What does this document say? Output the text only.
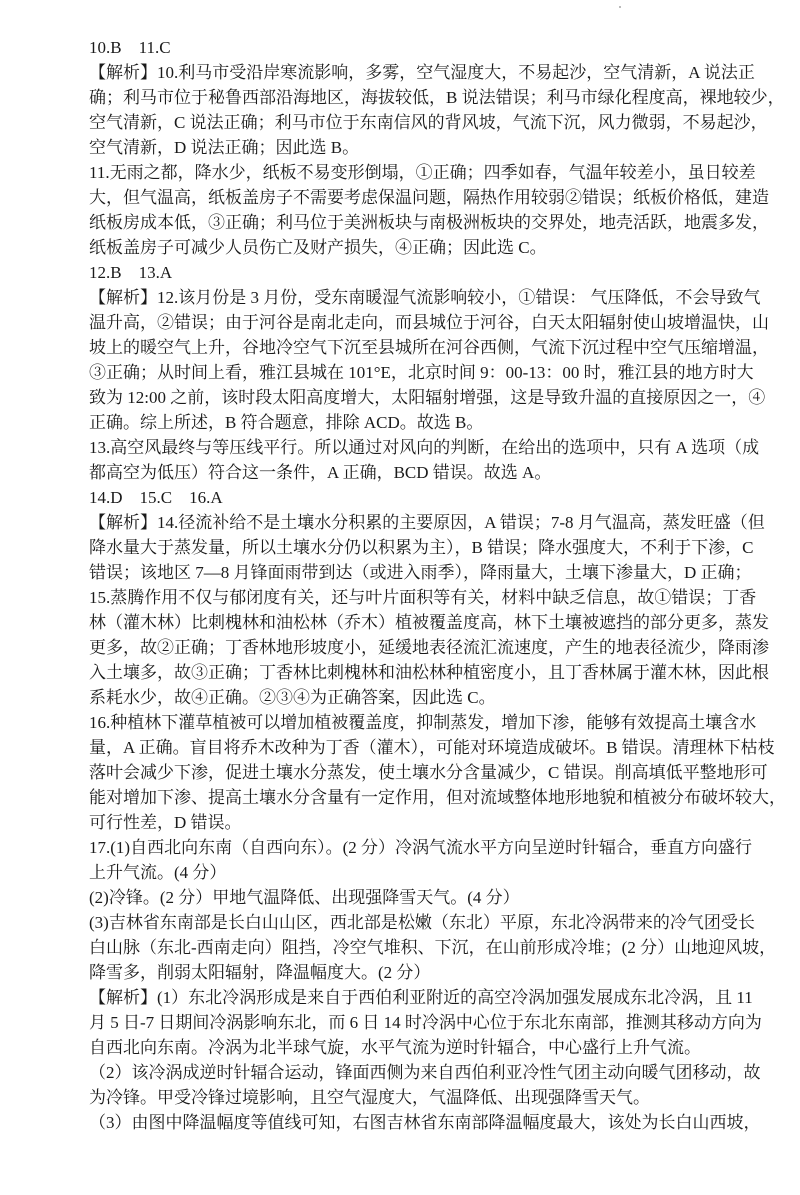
10.B　11.C
【解析】10.利马市受沿岸寒流影响，多雾，空气湿度大，不易起沙，空气清新，A 说法正
确；利马市位于秘鲁西部沿海地区，海拔较低，B 说法错误；利马市绿化程度高，裸地较少，
空气清新，C 说法正确；利马市位于东南信风的背风坡，气流下沉，风力微弱，不易起沙，
空气清新，D 说法正确；因此选 B。
11.无雨之都，降水少，纸板不易变形倒塌，①正确；四季如春，气温年较差小，虽日较差
大，但气温高，纸板盖房子不需要考虑保温问题，隔热作用较弱②错误；纸板价格低，建造
纸板房成本低，③正确；利马位于美洲板块与南极洲板块的交界处，地壳活跃，地震多发，
纸板盖房子可减少人员伤亡及财产损失，④正确；因此选 C。
12.B　13.A
【解析】12.该月份是 3 月份，受东南暖湿气流影响较小，①错误： 气压降低，不会导致气
温升高，②错误；由于河谷是南北走向，而县城位于河谷，白天太阳辐射使山坡增温快，山
坡上的暖空气上升，谷地冷空气下沉至县城所在河谷西侧，气流下沉过程中空气压缩增温，
③正确；从时间上看，雅江县城在 101°E，北京时间 9：00-13：00 时，雅江县的地方时大
致为 12:00 之前，该时段太阳高度增大，太阳辐射增强，这是导致升温的直接原因之一，④
正确。综上所述，B 符合题意，排除 ACD。故选 B。
13.高空风最终与等压线平行。所以通过对风向的判断，在给出的选项中，只有 A 选项（成
都高空为低压）符合这一条件，A 正确，BCD 错误。故选 A。
14.D　15.C　16.A
【解析】14.径流补给不是土壤水分积累的主要原因，A 错误；7-8 月气温高，蒸发旺盛（但
降水量大于蒸发量，所以土壤水分仍以积累为主），B 错误；降水强度大，不利于下渗，C
错误；该地区 7—8 月锋面雨带到达（或进入雨季），降雨量大，土壤下渗量大，D 正确；
15.蒸腾作用不仅与郁闭度有关，还与叶片面积等有关，材料中缺乏信息，故①错误；丁香
林（灌木林）比刺槐林和油松林（乔木）植被覆盖度高，林下土壤被遮挡的部分更多，蒸发
更多，故②正确；丁香林地形坡度小，延缓地表径流汇流速度，产生的地表径流少，降雨渗
入土壤多，故③正确；丁香林比刺槐林和油松林种植密度小，且丁香林属于灌木林，因此根
系耗水少，故④正确。②③④为正确答案，因此选 C。
16.种植林下灌草植被可以增加植被覆盖度，抑制蒸发，增加下渗，能够有效提高土壤含水
量，A 正确。盲目将乔木改种为丁香（灌木），可能对环境造成破坏。B 错误。清理林下枯枝
落叶会减少下渗，促进土壤水分蒸发，使土壤水分含量减少，C 错误。削高填低平整地形可
能对增加下渗、提高土壤水分含量有一定作用，但对流域整体地形地貌和植被分布破坏较大，
可行性差，D 错误。
17.(1)自西北向东南（自西向东）。(2 分）冷涡气流水平方向呈逆时针辐合，垂直方向盛行
上升气流。(4 分）
(2)冷锋。(2 分）甲地气温降低、出现强降雪天气。(4 分）
(3)吉林省东南部是长白山山区，西北部是松嫩（东北）平原，东北冷涡带来的冷气团受长
白山脉（东北-西南走向）阻挡，冷空气堆积、下沉，在山前形成冷堆；(2 分）山地迎风坡，
降雪多，削弱太阳辐射，降温幅度大。(2 分）
【解析】(1）东北冷涡形成是来自于西伯利亚附近的高空冷涡加强发展成东北冷涡，且 11
月 5 日-7 日期间冷涡影响东北，而 6 日 14 时冷涡中心位于东北东南部，推测其移动方向为
自西北向东南。冷涡为北半球气旋，水平气流为逆时针辐合，中心盛行上升气流。
（2）该冷涡成逆时针辐合运动，锋面西侧为来自西伯利亚冷性气团主动向暖气团移动，故
为冷锋。甲受冷锋过境影响，且空气湿度大，气温降低、出现强降雪天气。
（3）由图中降温幅度等值线可知，右图吉林省东南部降温幅度最大，该处为长白山西坡，
